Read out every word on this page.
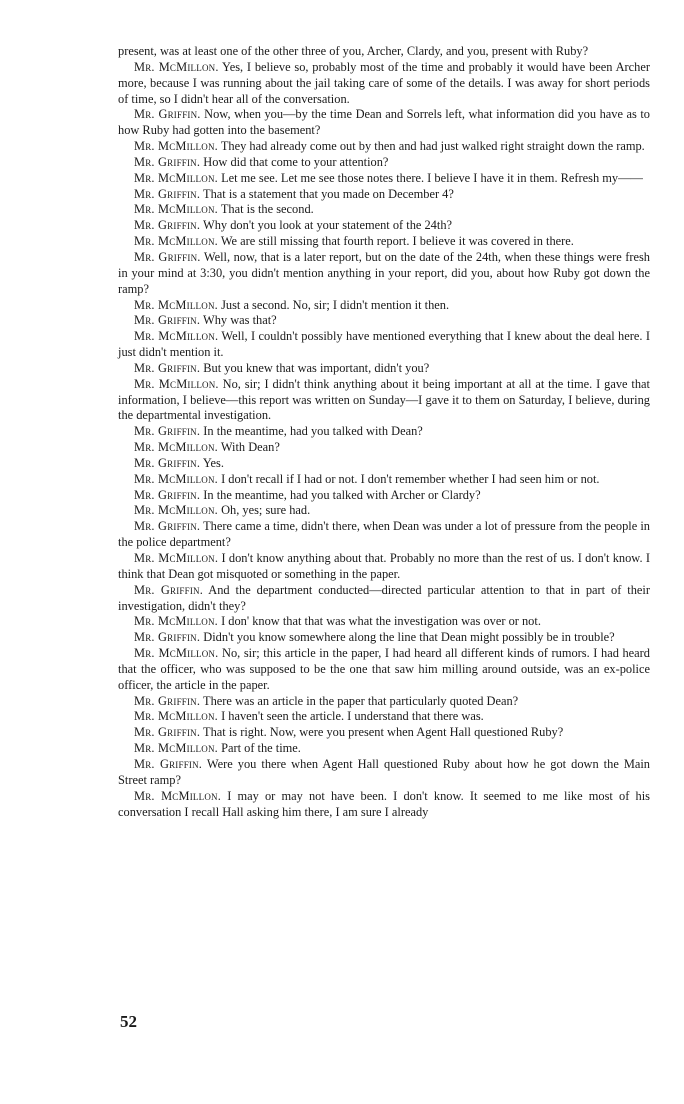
present, was at least one of the other three of you, Archer, Clardy, and you, present with Ruby?

Mr. McMillon. Yes, I believe so, probably most of the time and probably it would have been Archer more, because I was running about the jail taking care of some of the details. I was away for short periods of time, so I didn't hear all of the conversation.

Mr. Griffin. Now, when you—by the time Dean and Sorrels left, what information did you have as to how Ruby had gotten into the basement?

Mr. McMillon. They had already come out by then and had just walked right straight down the ramp.

Mr. Griffin. How did that come to your attention?

Mr. McMillon. Let me see. Let me see those notes there. I believe I have it in them. Refresh my——

Mr. Griffin. That is a statement that you made on December 4?

Mr. McMillon. That is the second.

Mr. Griffin. Why don't you look at your statement of the 24th?

Mr. McMillon. We are still missing that fourth report. I believe it was covered in there.

Mr. Griffin. Well, now, that is a later report, but on the date of the 24th, when these things were fresh in your mind at 3:30, you didn't mention anything in your report, did you, about how Ruby got down the ramp?

Mr. McMillon. Just a second. No, sir; I didn't mention it then.

Mr. Griffin. Why was that?

Mr. McMillon. Well, I couldn't possibly have mentioned everything that I knew about the deal here. I just didn't mention it.

Mr. Griffin. But you knew that was important, didn't you?

Mr. McMillon. No, sir; I didn't think anything about it being important at all at the time. I gave that information, I believe—this report was written on Sunday—I gave it to them on Saturday, I believe, during the departmental investigation.

Mr. Griffin. In the meantime, had you talked with Dean?

Mr. McMillon. With Dean?

Mr. Griffin. Yes.

Mr. McMillon. I don't recall if I had or not. I don't remember whether I had seen him or not.

Mr. Griffin. In the meantime, had you talked with Archer or Clardy?

Mr. McMillon. Oh, yes; sure had.

Mr. Griffin. There came a time, didn't there, when Dean was under a lot of pressure from the people in the police department?

Mr. McMillon. I don't know anything about that. Probably no more than the rest of us. I don't know. I think that Dean got misquoted or something in the paper.

Mr. Griffin. And the department conducted—directed particular attention to that in part of their investigation, didn't they?

Mr. McMillon. I don' know that that was what the investigation was over or not.

Mr. Griffin. Didn't you know somewhere along the line that Dean might possibly be in trouble?

Mr. McMillon. No, sir; this article in the paper, I had heard all different kinds of rumors. I had heard that the officer, who was supposed to be the one that saw him milling around outside, was an ex-police officer, the article in the paper.

Mr. Griffin. There was an article in the paper that particularly quoted Dean?

Mr. McMillon. I haven't seen the article. I understand that there was.

Mr. Griffin. That is right. Now, were you present when Agent Hall questioned Ruby?

Mr. McMillon. Part of the time.

Mr. Griffin. Were you there when Agent Hall questioned Ruby about how he got down the Main Street ramp?

Mr. McMillon. I may or may not have been. I don't know. It seemed to me like most of his conversation I recall Hall asking him there, I am sure I already

52
